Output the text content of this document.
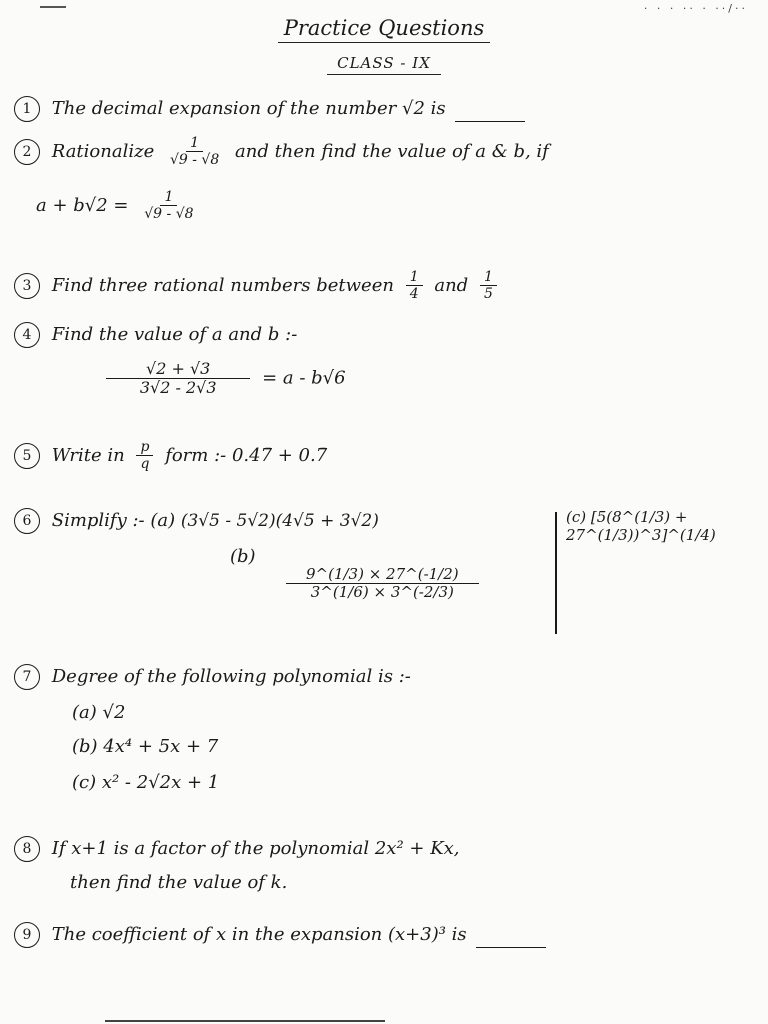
· · · ·· · ··/··
Practice Questions
CLASS - IX
1 The decimal expansion of the number √2 is
2 Rationalize $\frac{1}{√9 - √8}$ and then find the value of a & b, if
$a + b√2 = \frac{1}{√9 - √8}$
3 Find three rational numbers between $\frac{1}{4}$ and $\frac{1}{5}$
4 Find the value of a and b :-
$\frac{√2 + √3}{3√2 - 2√3} = a - b√6$
5 Write in $\frac{p}{q}$ form :- 0.47̄ + 0.7̄
6 Simplify :- (a) (3√5 - 5√2)(4√5 + 3√2)	(c) [5(8^(1/3) + 27^(1/3))^3]^(1/4)
(b)
$\frac{9\^{}(1/3) \times 27\^{}(-1/2)}{3\^{}(1/6) \times 3\^{}(-2/3)}$
7 Degree of the following polynomial is :-
(a) √2
(b) 4x⁴ + 5x + 7
(c) x² - 2√2x + 1
8 If x+1 is a factor of the polynomial 2x² + Kx,
then find the value of k.
9 The coefficient of x in the expansion (x+3)³ is
